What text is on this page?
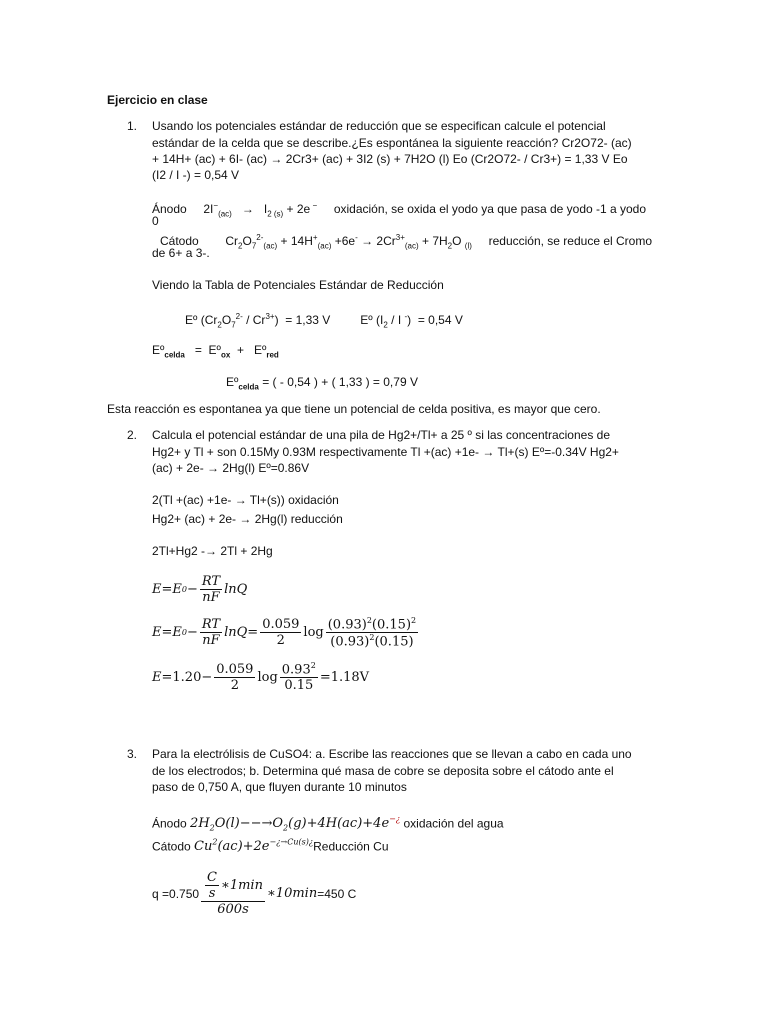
Ejercicio en clase
1. Usando los potenciales estándar de reducción que se especifican calcule el potencial
estándar de la celda que se describe.¿Es espontánea la siguiente reacción? Cr2O72- (ac)
+ 14H+ (ac) + 6I- (ac) → 2Cr3+ (ac) + 3I2 (s) + 7H2O (l) Eo (Cr2O72- / Cr3+) = 1,33 V Eo
(I2 / I -) = 0,54 V
Ánodo     $2I^-_{(ac)} \to I_{2 (s)} + 2e$ − oxidación, se oxida el yodo ya que pasa de yodo -1 a yodo
0
Cátodo        $Cr_2O_7^{2-}_{(ac)} + 14H^+_{(ac)} +6e^- \to 2Cr^{3+}_{(ac)} + 7H_2O$ $_{(l)}$ reducción, se reduce el Cromo
de 6+ a 3-.
Viendo la Tabla de Potenciales Estándar de Reducción
Eº $(Cr_2O_7^{2-} / Cr^{3+}) = 1,33$ V         Eº ($I_2$ / I -)  = 0,54 V
Eº$_{celda}$   =  Eº$_{ox}$  +   Eº$_{red}$
Eº$_{celda}$ = ( - 0,54 ) + ( 1,33 ) = 0,79 V
Esta reacción es espontanea ya que tiene un potencial de celda positiva, es mayor que cero.
2. Calcula el potencial estándar de una pila de Hg2+/Tl+ a 25 º si las concentraciones de
Hg2+ y Tl + son 0.15My 0.93M respectivamente Tl +(ac) +1e- → Tl+(s) Eº=-0.34V Hg2+
(ac) + 2e- → 2Hg(l) Eº=0.86V
2(Tl +(ac) +1e- → Tl+(s)) oxidación
Hg2+ (ac) + 2e- → 2Hg(l) reducción
2Tl+Hg2 -→ 2Tl + 2Hg
E=E $0 - \frac{RT}{nF}$ lnQ
E=E $0 - \frac{RT}{nF} \ln Q= \frac{0.059}{2}$ $\log \frac{(0.93)^2(0.15)^2}{(0.93)^2(0.15)}$
$E =1.20- \frac{0.059}{2}$ $\log \frac{0.93^2}{0.15} =1.18V$
3. Para la electrólisis de CuSO4: a. Escribe las reacciones que se llevan a cabo en cada uno
de los electrodos; b. Determina qué masa de cobre se deposita sobre el cátodo ante el
paso de 0,750 A, que fluyen durante 10 minutos
Ánodo $2H_2O(l)--\to O_2(g)+4H(ac)+4e^{-¿}$ oxidación del agua
Cátodo $Cu^2(ac)+2e^{-¿\to Cu(s)¿}Reducción$ Cu
$q =0.750 \frac{\frac{C}{s} ∗1\min}{600s}$ ∗10min =450 C
